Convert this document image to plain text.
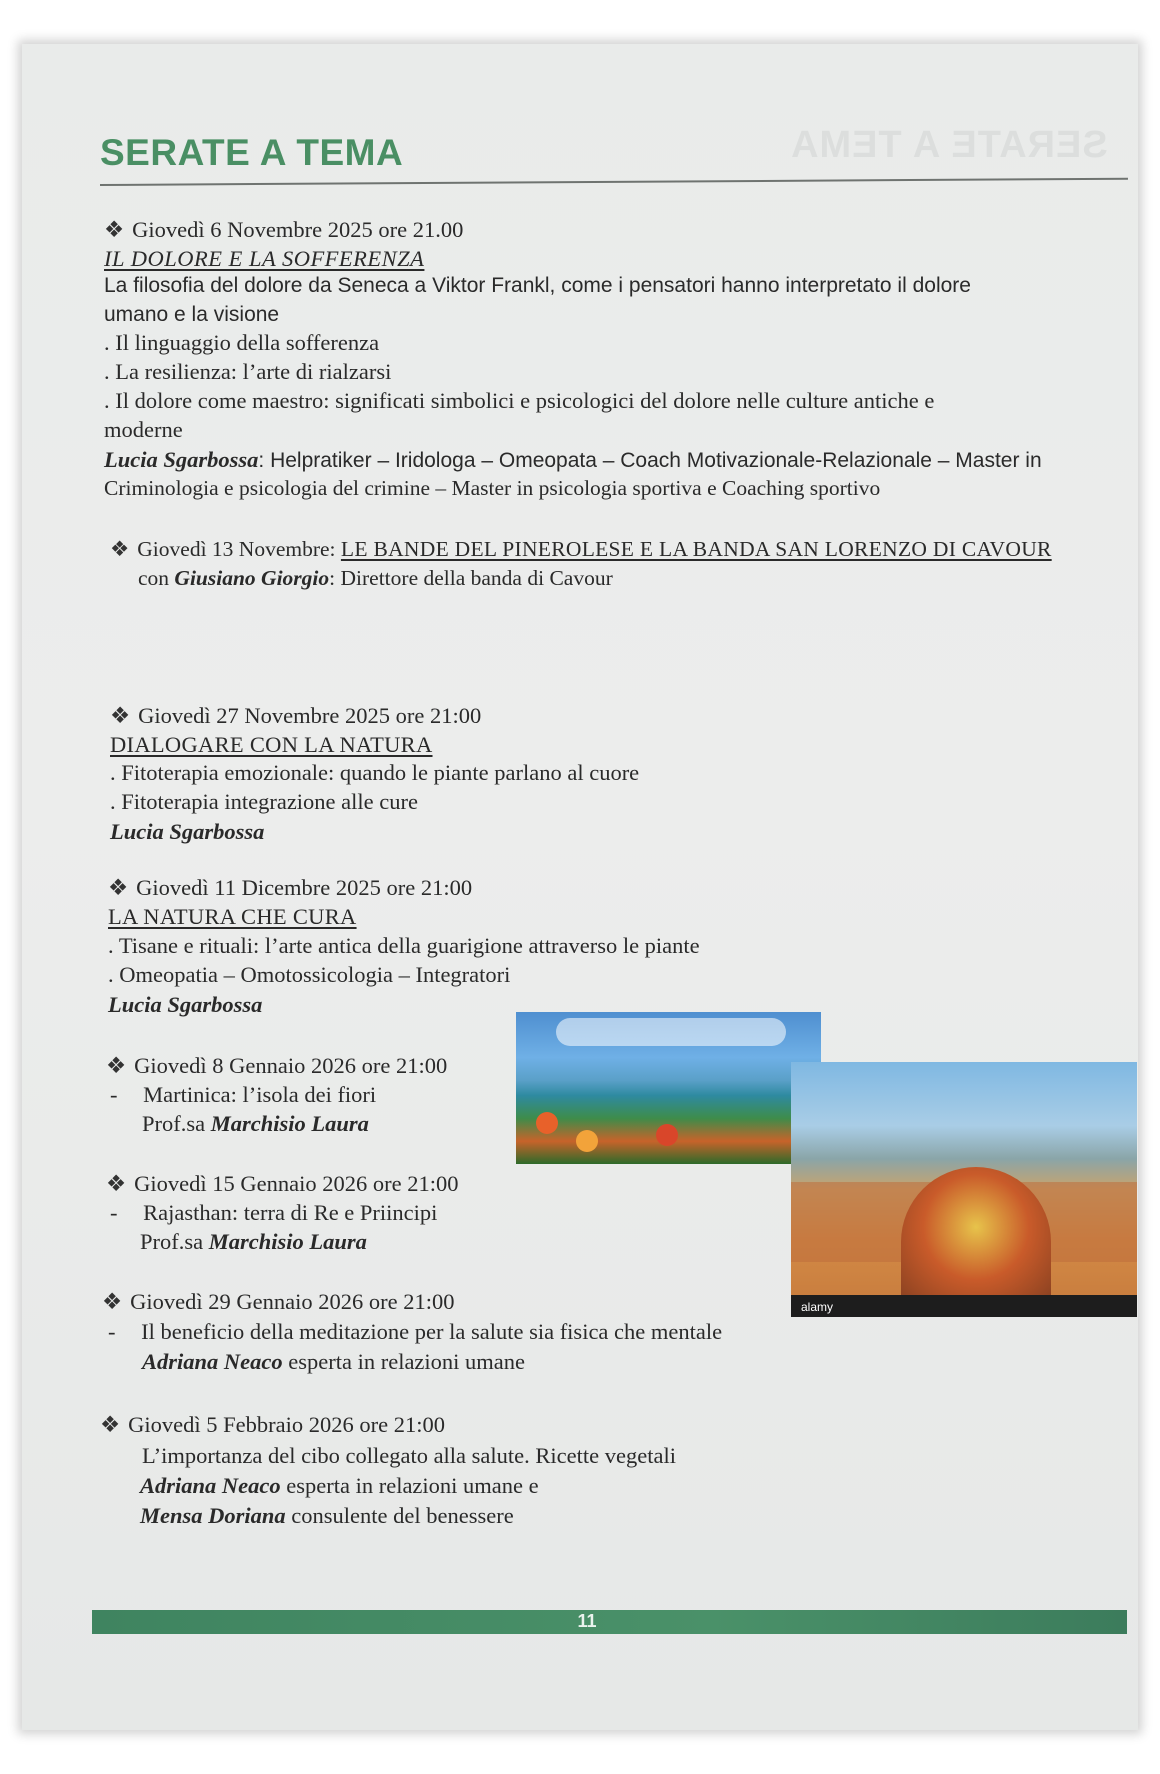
SERATE A TEMA
SERATE A TEMA
❖ Giovedì 6 Novembre 2025 ore 21.00
IL DOLORE E LA SOFFERENZA
La filosofia del dolore da Seneca a Viktor Frankl, come i pensatori hanno interpretato il dolore
umano e la visione
. Il linguaggio della sofferenza
. La resilienza: l’arte di rialzarsi
. Il dolore come maestro: significati simbolici e psicologici del dolore nelle culture antiche e
moderne
Lucia Sgarbossa: Helpratiker – Iridologa – Omeopata – Coach Motivazionale-Relazionale – Master in
Criminologia e psicologia del crimine – Master in psicologia sportiva e Coaching sportivo
❖ Giovedì 13 Novembre: LE BANDE DEL PINEROLESE E LA BANDA SAN LORENZO DI CAVOUR
con Giusiano Giorgio: Direttore della banda di Cavour
❖ Giovedì 27 Novembre 2025 ore 21:00
DIALOGARE CON LA NATURA
. Fitoterapia emozionale: quando le piante parlano al cuore
. Fitoterapia integrazione alle cure
Lucia Sgarbossa
❖ Giovedì 11 Dicembre 2025 ore 21:00
LA NATURA CHE CURA
. Tisane e rituali: l’arte antica della guarigione attraverso le piante
. Omeopatia – Omotossicologia – Integratori
Lucia Sgarbossa
alamy
❖ Giovedì 8 Gennaio 2026 ore 21:00
- Martinica: l’isola dei fiori
Prof.sa Marchisio Laura
❖ Giovedì 15 Gennaio 2026 ore 21:00
- Rajasthan: terra di Re e Priincipi
Prof.sa Marchisio Laura
❖ Giovedì 29 Gennaio 2026 ore 21:00
- Il beneficio della meditazione per la salute sia fisica che mentale
Adriana Neaco esperta in relazioni umane
❖ Giovedì 5 Febbraio 2026 ore 21:00
L’importanza del cibo collegato alla salute. Ricette vegetali
Adriana Neaco esperta in relazioni umane e
Mensa Doriana consulente del benessere
11
